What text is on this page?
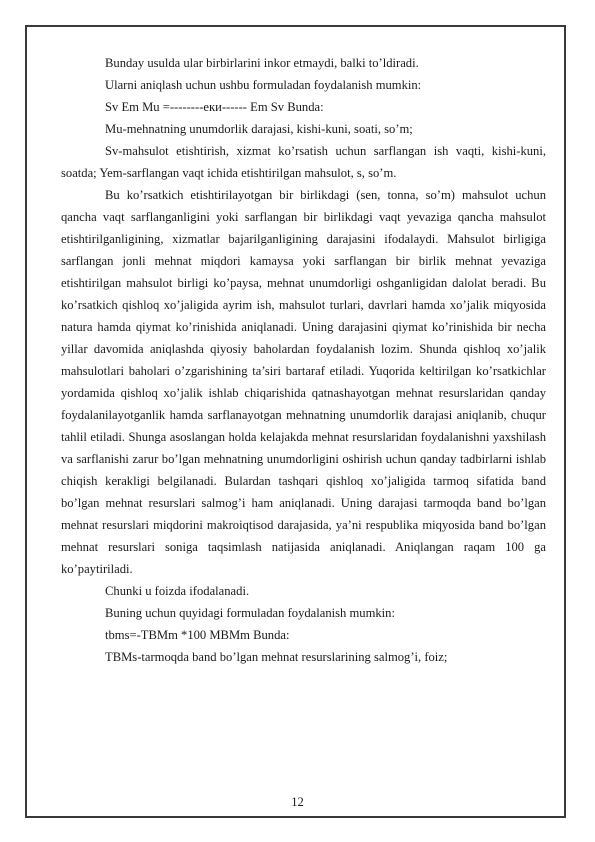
Bunday usulda ular birbirlarini inkor etmaydi, balki to’ldiradi.

Ularni aniqlash uchun ushbu formuladan foydalanish mumkin:

Sv Em Mu =--------еки------ Em Sv Bunda:

Mu-mehnatning unumdorlik darajasi, kishi-kuni, soati, so’m;

Sv-mahsulot etishtirish, xizmat ko’rsatish uchun sarflangan ish vaqti, kishi-kuni, soatda; Yem-sarflangan vaqt ichida etishtirilgan mahsulot, s, so’m.

Bu ko’rsatkich etishtirilayotgan bir birlikdagi (sen, tonna, so’m) mahsulot uchun qancha vaqt sarflanganligini yoki sarflangan bir birlikdagi vaqt yevaziga qancha mahsulot etishtirilganligining, xizmatlar bajarilganligining darajasini ifodalaydi. Mahsulot birligiga sarflangan jonli mehnat miqdori kamaysa yoki sarflangan bir birlik mehnat yevaziga etishtirilgan mahsulot birligi ko’paysa, mehnat unumdorligi oshganligidan dalolat beradi. Bu ko’rsatkich qishloq xo’jaligida ayrim ish, mahsulot turlari, davrlari hamda xo’jalik miqyosida natura hamda qiymat ko’rinishida aniqlanadi. Uning darajasini qiymat ko’rinishida bir necha yillar davomida aniqlashda qiyosiy baholardan foydalanish lozim. Shunda qishloq xo’jalik mahsulotlari baholari o’zgarishining ta’siri bartaraf etiladi. Yuqorida keltirilgan ko’rsatkichlar yordamida qishloq xo’jalik ishlab chiqarishida qatnashayotgan mehnat resurslaridan qanday foydalanilayotganlik hamda sarflanayotgan mehnatning unumdorlik darajasi aniqlanib, chuqur tahlil etiladi. Shunga asoslangan holda kelajakda mehnat resurslaridan foydalanishni yaxshilash va sarflanishi zarur bo’lgan mehnatning unumdorligini oshirish uchun qanday tadbirlarni ishlab chiqish kerakligi belgilanadi. Bulardan tashqari qishloq xo’jaligida tarmoq sifatida band bo’lgan mehnat resurslari salmog’i ham aniqlanadi. Uning darajasi tarmoqda band bo’lgan mehnat resurslari miqdorini makroiqtisod darajasida, ya’ni respublika miqyosida band bo’lgan mehnat resurslari soniga taqsimlash natijasida aniqlanadi. Aniqlangan raqam 100 ga ko’paytiriladi.

Chunki u foizda ifodalanadi.

Buning uchun quyidagi formuladan foydalanish mumkin:

tbms=-TBMm *100 MBMm Bunda:

TBMs-tarmoqda band bo’lgan mehnat resurslarining salmog’i, foiz;

12
